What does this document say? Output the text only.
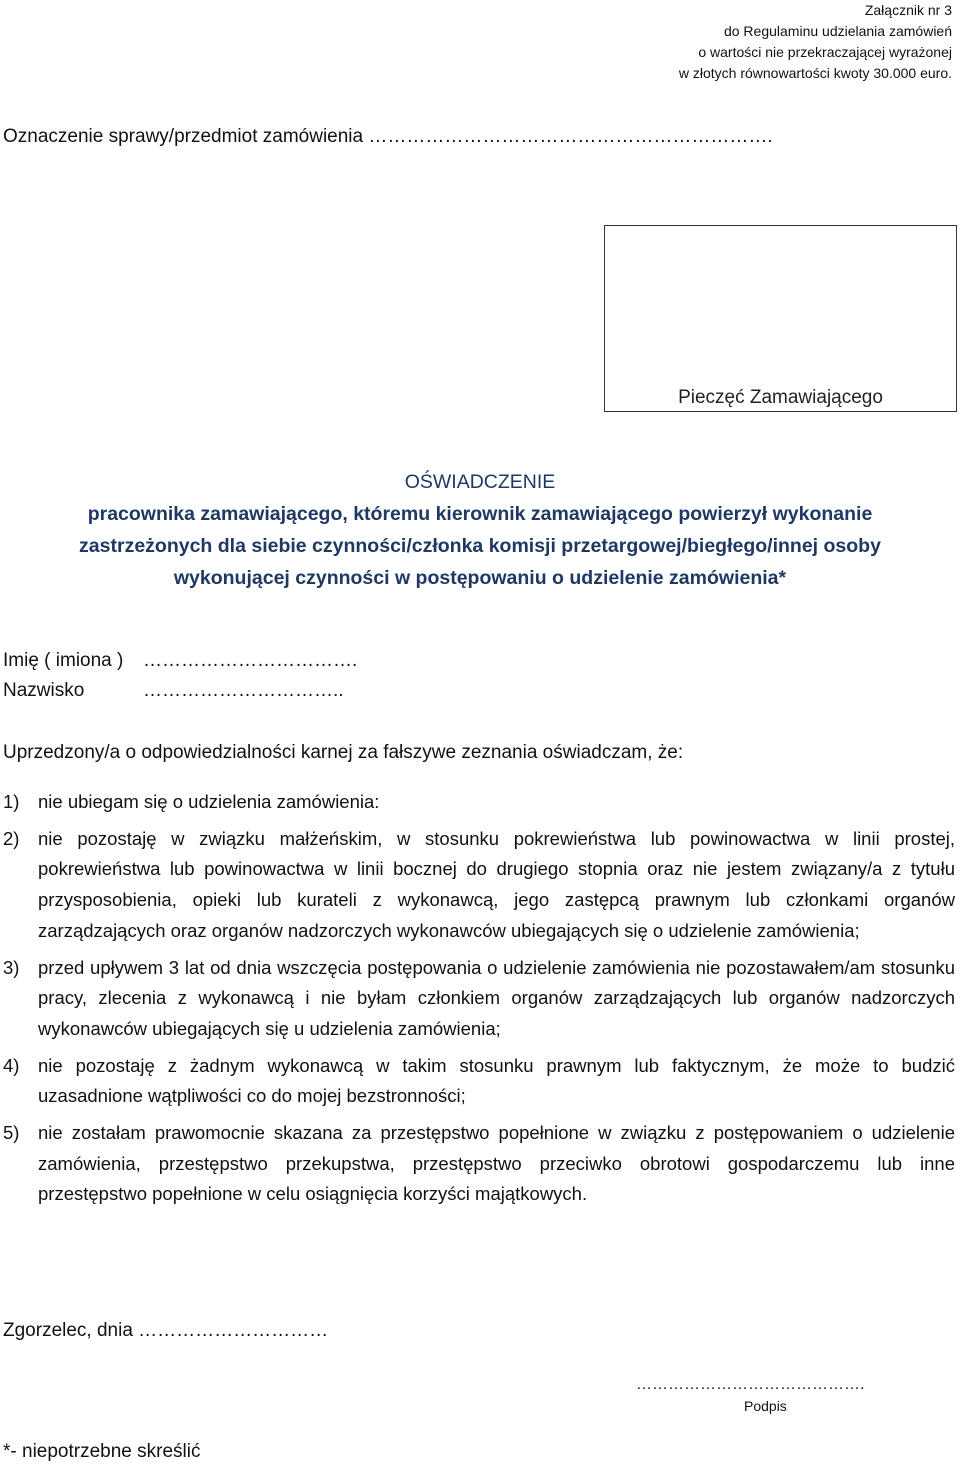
Załącznik nr 3
do Regulaminu udzielania zamówień
o wartości nie przekraczającej wyrażonej
w złotych równowartości kwoty 30.000 euro.
Oznaczenie sprawy/przedmiot zamówienia ……………………………………………………….
Pieczęć Zamawiającego
OŚWIADCZENIE
pracownika zamawiającego, któremu kierownik zamawiającego powierzył wykonanie
zastrzeżonych dla siebie czynności/członka komisji przetargowej/biegłego/innej osoby
wykonującej czynności w postępowaniu o udzielenie zamówienia*
Imię ( imiona ) …………………………….
Nazwisko	…………………………..
Uprzedzony/a o odpowiedzialności karnej za fałszywe zeznania oświadczam, że:
1) nie ubiegam się o udzielenia zamówienia:
2) nie pozostaję w związku małżeńskim, w stosunku pokrewieństwa lub powinowactwa w linii prostej, pokrewieństwa lub powinowactwa w linii bocznej do drugiego stopnia oraz nie jestem związany/a z tytułu przysposobienia, opieki lub kurateli z wykonawcą, jego zastępcą prawnym lub członkami organów zarządzających oraz organów nadzorczych wykonawców ubiegających się o udzielenie zamówienia;
3) przed upływem 3 lat od dnia wszczęcia postępowania o udzielenie zamówienia nie pozostawałem/am stosunku pracy, zlecenia z wykonawcą i nie byłam członkiem organów zarządzających lub organów nadzorczych wykonawców ubiegających się u udzielenia zamówienia;
4) nie pozostaję z żadnym wykonawcą w takim stosunku prawnym lub faktycznym, że może to budzić uzasadnione wątpliwości co do mojej bezstronności;
5) nie zostałam prawomocnie skazana za przestępstwo popełnione w związku z postępowaniem o udzielenie zamówienia, przestępstwo przekupstwa, przestępstwo przeciwko obrotowi gospodarczemu lub inne przestępstwo popełnione w celu osiągnięcia korzyści majątkowych.
Zgorzelec, dnia …………………………
…………………………………….
Podpis
*- niepotrzebne skreślić
